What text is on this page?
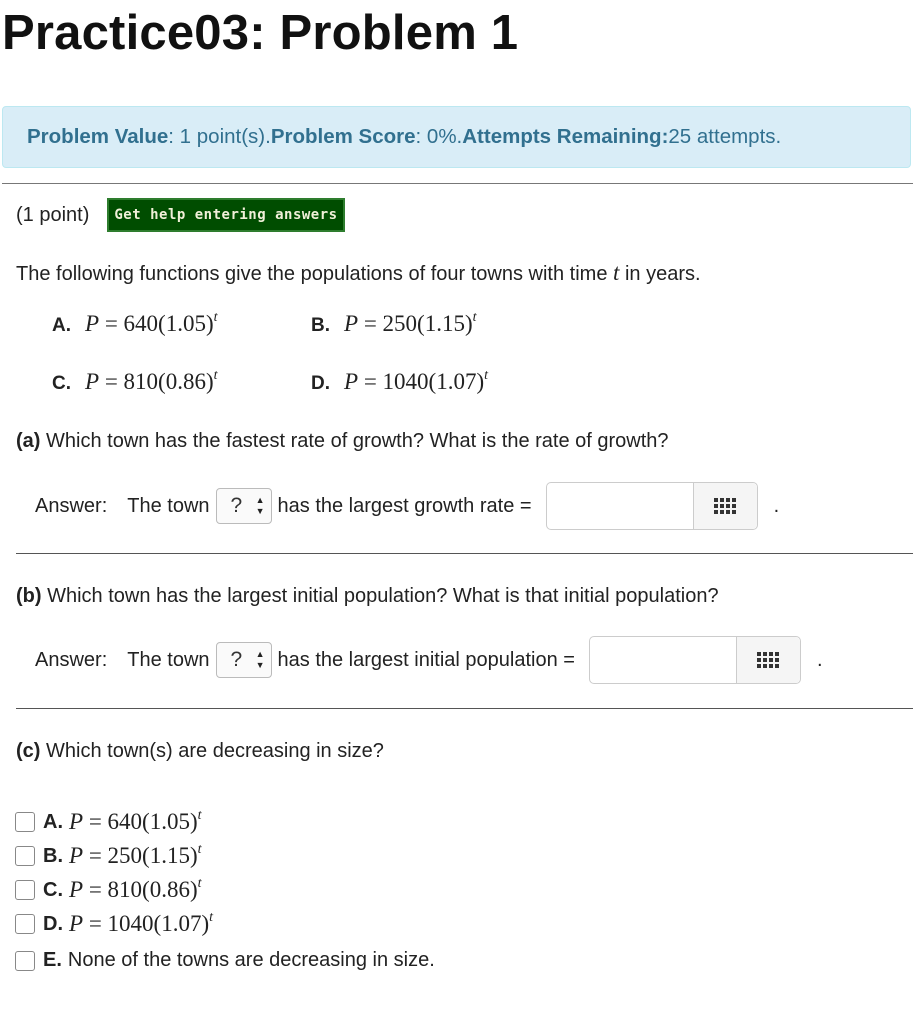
Practice03: Problem 1
Problem Value : 1 point(s). Problem Score : 0%. Attempts Remaining: 25 attempts.
(1 point)	Get help entering answers
The following functions give the populations of four towns with time t in years.
A. $P = 640(1.05)^t$	B. $P = 250(1.15)^t$
C. $P = 810(0.86)^t$	D. $P = 1040(1.07)^t$
(a) Which town has the fastest rate of growth? What is the rate of growth?
Answer: The town ? ▲
▼ has the largest growth rate =	.
(b) Which town has the largest initial population? What is that initial population?
Answer: The town ? ▲
▼ has the largest initial population =	.
(c) Which town(s) are decreasing in size?
A. $P = 640(1.05)^t$
B. $P = 250(1.15)^t$
C. $P = 810(0.86)^t$
D. $P = 1040(1.07)^t$
E. None of the towns are decreasing in size.
